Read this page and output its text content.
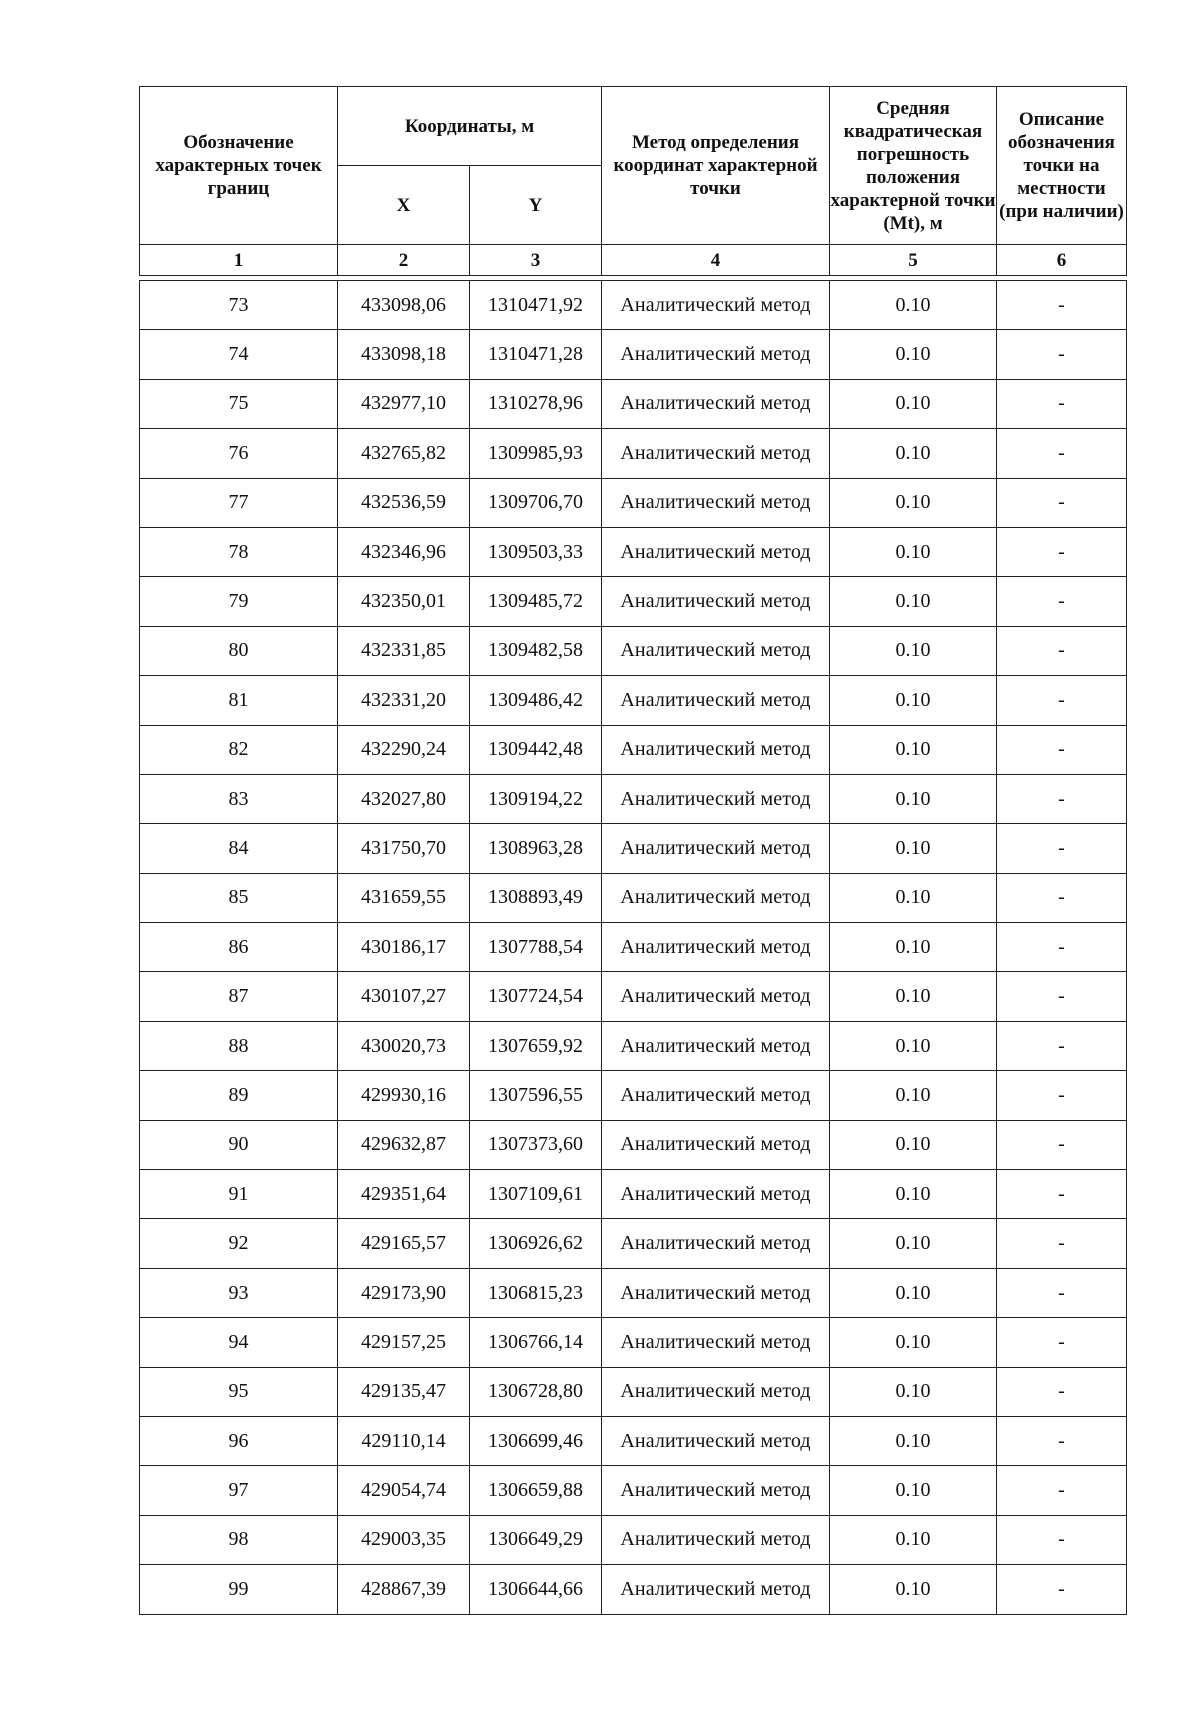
Обозначение характерных точек границ	Координаты, м		Метод определения координат характерной точки	Средняя квадратическая погрешность положения характерной точки (Mt), м	Описание обозначения точки на местности (при наличии)
	X	Y			
1	2	3	4	5	6
73	433098,06	1310471,92	Аналитический метод	0.10	-
74	433098,18	1310471,28	Аналитический метод	0.10	-
75	432977,10	1310278,96	Аналитический метод	0.10	-
76	432765,82	1309985,93	Аналитический метод	0.10	-
77	432536,59	1309706,70	Аналитический метод	0.10	-
78	432346,96	1309503,33	Аналитический метод	0.10	-
79	432350,01	1309485,72	Аналитический метод	0.10	-
80	432331,85	1309482,58	Аналитический метод	0.10	-
81	432331,20	1309486,42	Аналитический метод	0.10	-
82	432290,24	1309442,48	Аналитический метод	0.10	-
83	432027,80	1309194,22	Аналитический метод	0.10	-
84	431750,70	1308963,28	Аналитический метод	0.10	-
85	431659,55	1308893,49	Аналитический метод	0.10	-
86	430186,17	1307788,54	Аналитический метод	0.10	-
87	430107,27	1307724,54	Аналитический метод	0.10	-
88	430020,73	1307659,92	Аналитический метод	0.10	-
89	429930,16	1307596,55	Аналитический метод	0.10	-
90	429632,87	1307373,60	Аналитический метод	0.10	-
91	429351,64	1307109,61	Аналитический метод	0.10	-
92	429165,57	1306926,62	Аналитический метод	0.10	-
93	429173,90	1306815,23	Аналитический метод	0.10	-
94	429157,25	1306766,14	Аналитический метод	0.10	-
95	429135,47	1306728,80	Аналитический метод	0.10	-
96	429110,14	1306699,46	Аналитический метод	0.10	-
97	429054,74	1306659,88	Аналитический метод	0.10	-
98	429003,35	1306649,29	Аналитический метод	0.10	-
99	428867,39	1306644,66	Аналитический метод	0.10	-
